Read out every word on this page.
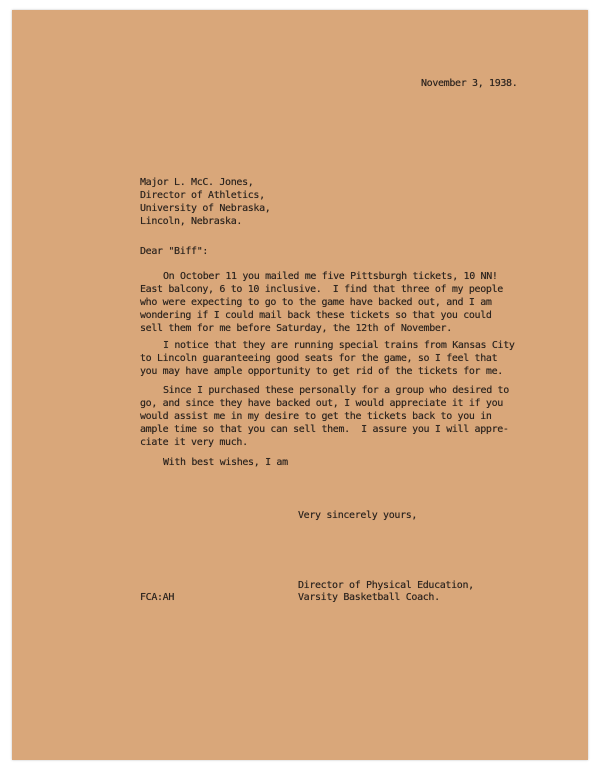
November 3, 1938.
Major L. McC. Jones,
Director of Athletics,
University of Nebraska,
Lincoln, Nebraska.
Dear "Biff":
On October 11 you mailed me five Pittsburgh tickets, 10 NN!
East balcony, 6 to 10 inclusive.  I find that three of my people
who were expecting to go to the game have backed out, and I am
wondering if I could mail back these tickets so that you could
sell them for me before Saturday, the 12th of November.
I notice that they are running special trains from Kansas City
to Lincoln guaranteeing good seats for the game, so I feel that
you may have ample opportunity to get rid of the tickets for me.
Since I purchased these personally for a group who desired to
go, and since they have backed out, I would appreciate it if you
would assist me in my desire to get the tickets back to you in
ample time so that you can sell them.  I assure you I will appre-
ciate it very much.
With best wishes, I am
Very sincerely yours,
Director of Physical Education,
Varsity Basketball Coach.
FCA:AH
